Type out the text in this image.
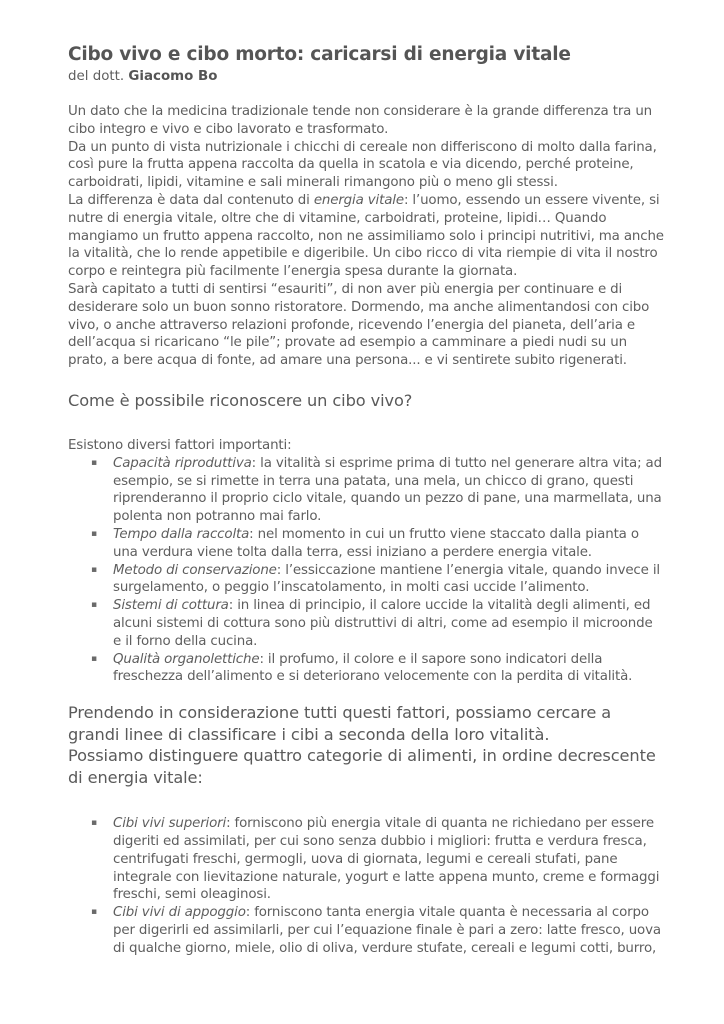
Cibo vivo e cibo morto: caricarsi di energia vitale

del dott. Giacomo Bo

Un dato che la medicina tradizionale tende non considerare è la grande differenza tra un cibo integro e vivo e cibo lavorato e trasformato.

Da un punto di vista nutrizionale i chicchi di cereale non differiscono di molto dalla farina, così pure la frutta appena raccolta da quella in scatola e via dicendo, perché proteine, carboidrati, lipidi, vitamine e sali minerali rimangono più o meno gli stessi.

La differenza è data dal contenuto di energia vitale: l’uomo, essendo un essere vivente, si nutre di energia vitale, oltre che di vitamine, carboidrati, proteine, lipidi… Quando mangiamo un frutto appena raccolto, non ne assimiliamo solo i principi nutritivi, ma anche la vitalità, che lo rende appetibile e digeribile. Un cibo ricco di vita riempie di vita il nostro corpo e reintegra più facilmente l’energia spesa durante la giornata.

Sarà capitato a tutti di sentirsi “esauriti”, di non aver più energia per continuare e di desiderare solo un buon sonno ristoratore. Dormendo, ma anche alimentandosi con cibo vivo, o anche attraverso relazioni profonde, ricevendo l’energia del pianeta, dell’aria e dell’acqua si ricaricano “le pile”; provate ad esempio a camminare a piedi nudi su un prato, a bere acqua di fonte, ad amare una persona... e vi sentirete subito rigenerati.

Come è possibile riconoscere un cibo vivo?

Esistono diversi fattori importanti:

▪ Capacità riproduttiva: la vitalità si esprime prima di tutto nel generare altra vita; ad esempio, se si rimette in terra una patata, una mela, un chicco di grano, questi riprenderanno il proprio ciclo vitale, quando un pezzo di pane, una marmellata, una polenta non potranno mai farlo.
▪ Tempo dalla raccolta: nel momento in cui un frutto viene staccato dalla pianta o una verdura viene tolta dalla terra, essi iniziano a perdere energia vitale.
▪ Metodo di conservazione: l’essiccazione mantiene l’energia vitale, quando invece il surgelamento, o peggio l’inscatolamento, in molti casi uccide l’alimento.
▪ Sistemi di cottura: in linea di principio, il calore uccide la vitalità degli alimenti, ed alcuni sistemi di cottura sono più distruttivi di altri, come ad esempio il microonde e il forno della cucina.
▪ Qualità organolettiche: il profumo, il colore e il sapore sono indicatori della freschezza dell’alimento e si deteriorano velocemente con la perdita di vitalità.

Prendendo in considerazione tutti questi fattori, possiamo cercare a grandi linee di classificare i cibi a seconda della loro vitalità.

Possiamo distinguere quattro categorie di alimenti, in ordine decrescente di energia vitale:

▪ Cibi vivi superiori: forniscono più energia vitale di quanta ne richiedano per essere digeriti ed assimilati, per cui sono senza dubbio i migliori: frutta e verdura fresca, centrifugati freschi, germogli, uova di giornata, legumi e cereali stufati, pane integrale con lievitazione naturale, yogurt e latte appena munto, creme e formaggi freschi, semi oleaginosi.
▪ Cibi vivi di appoggio: forniscono tanta energia vitale quanta è necessaria al corpo per digerirli ed assimilarli, per cui l’equazione finale è pari a zero: latte fresco, uova di qualche giorno, miele, olio di oliva, verdure stufate, cereali e legumi cotti, burro,
